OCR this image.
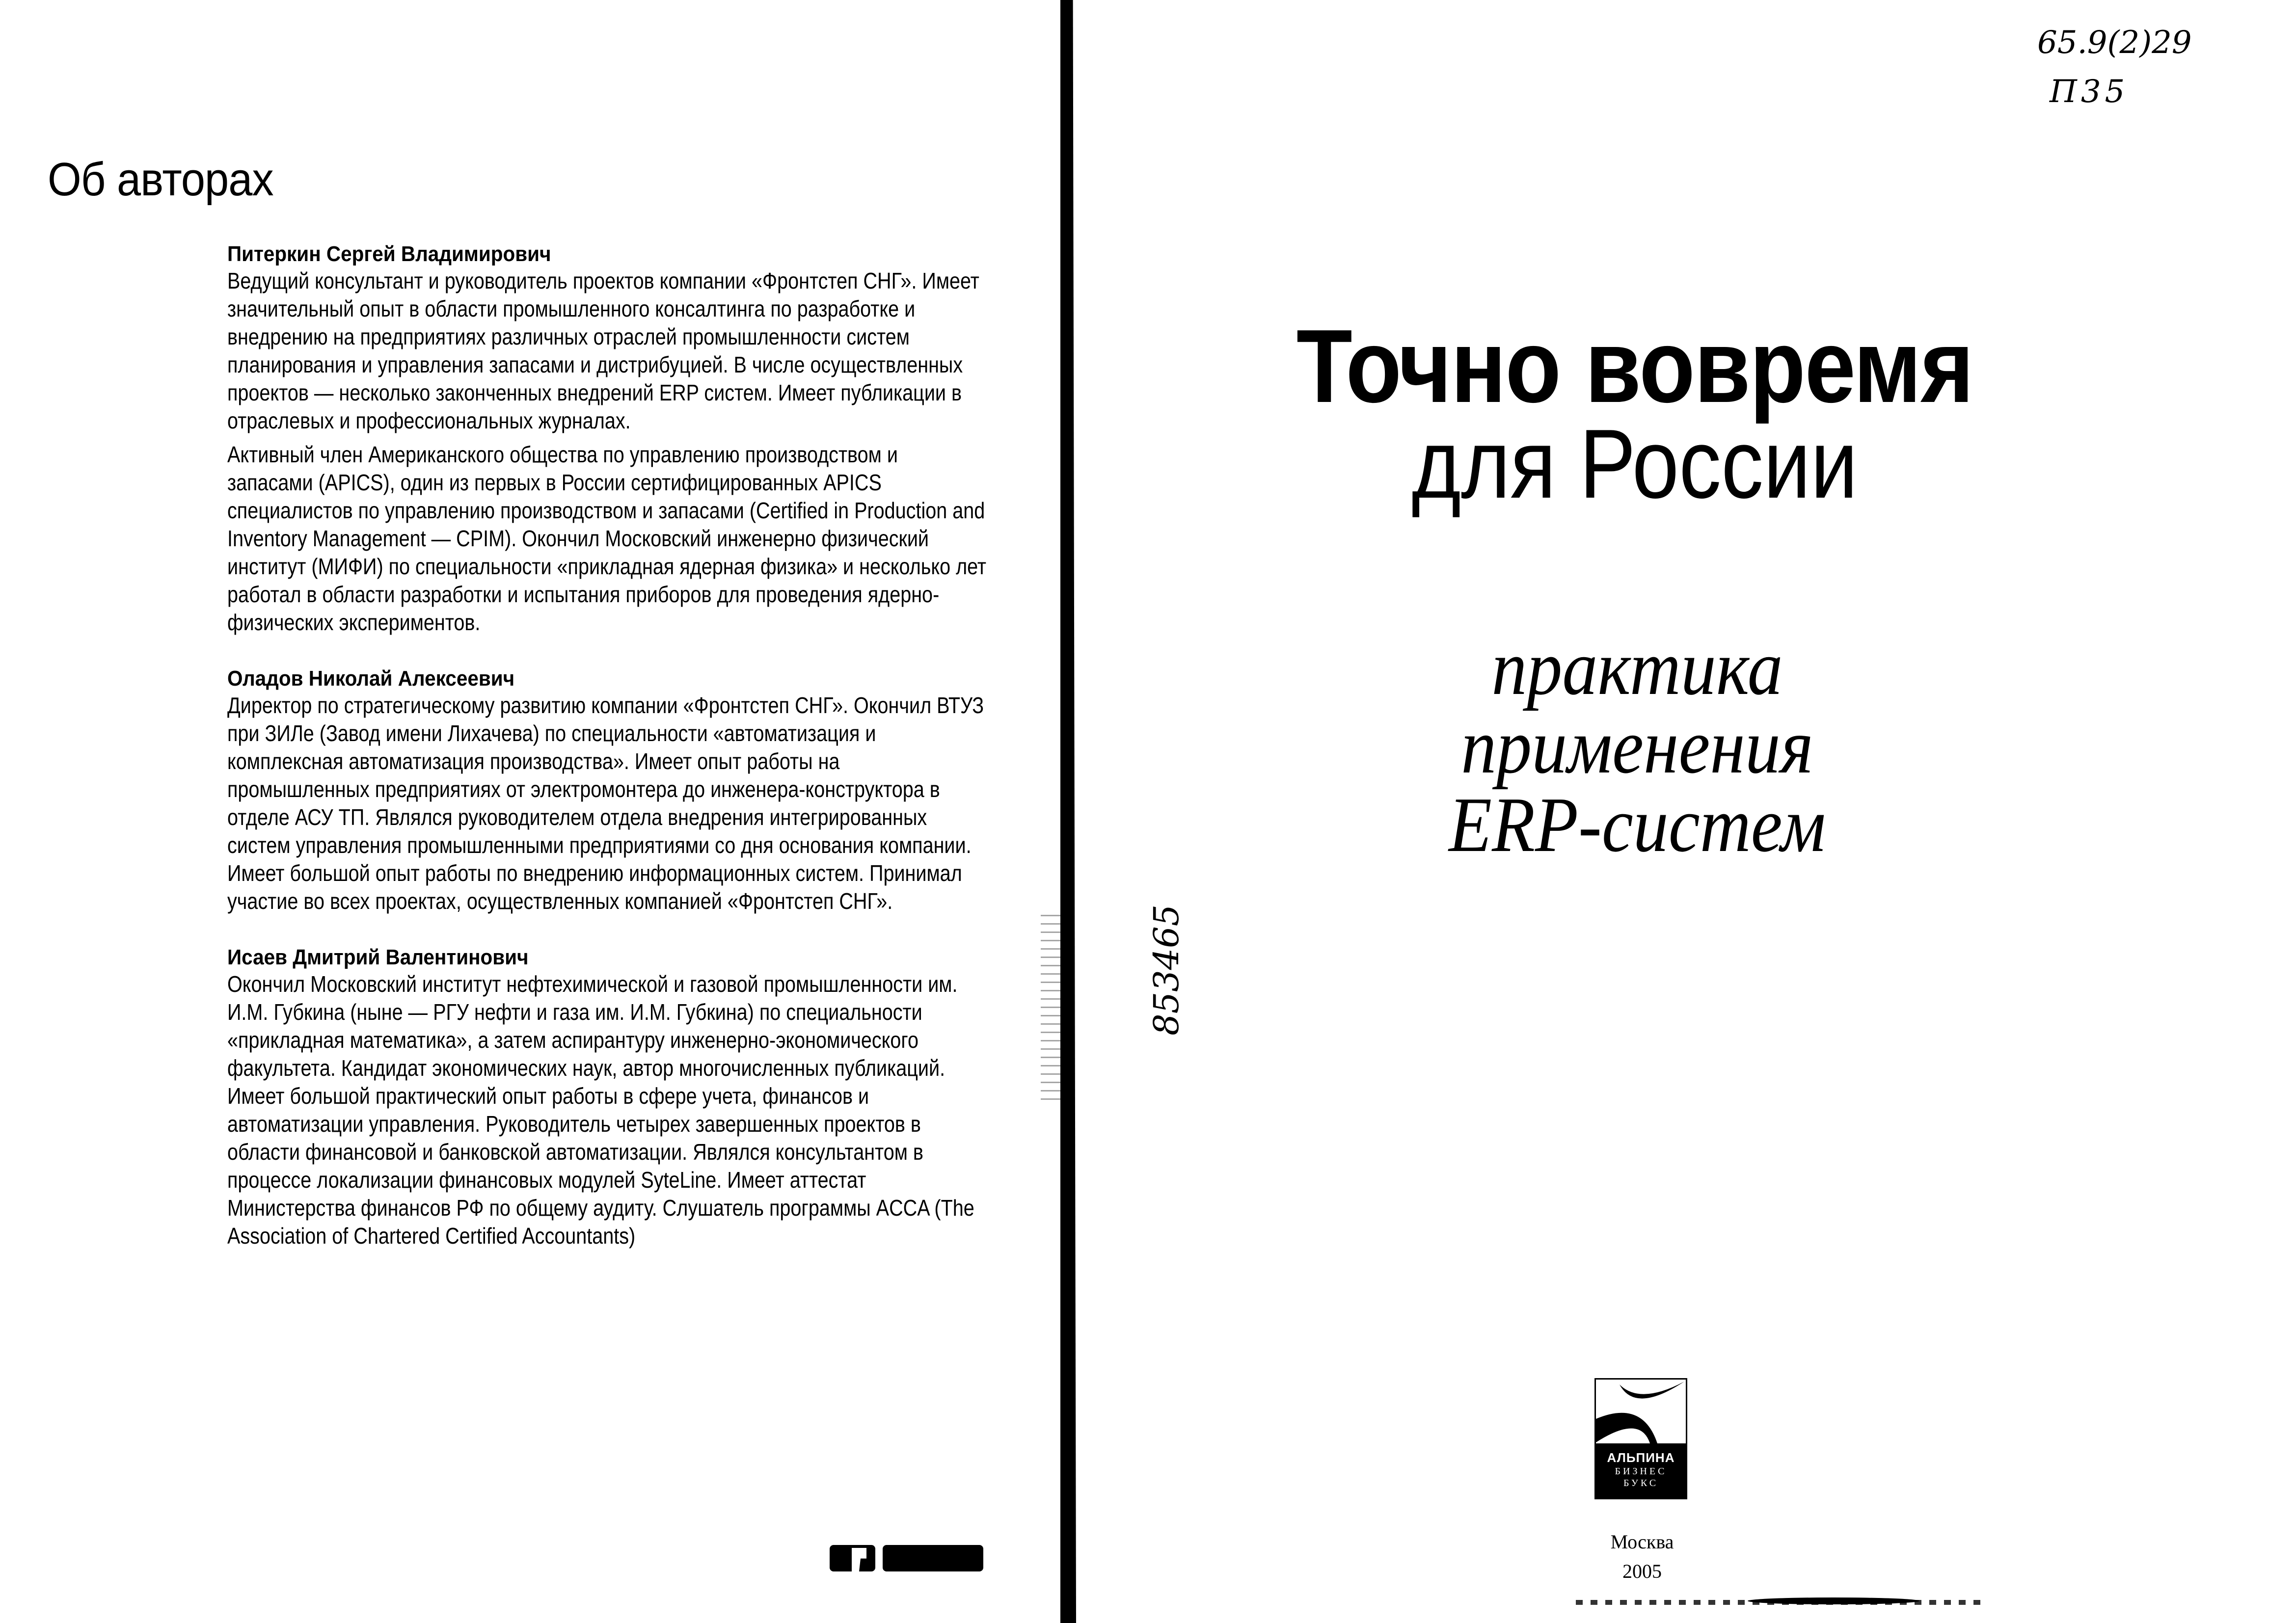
Об авторах
Питеркин Сергей Владимирович

Ведущий консультант и руководитель проектов компании «Фронтстеп СНГ». Имеет значительный опыт в области промышленного консалтинга по разработке и внедрению на предприятиях различных отраслей промышленности систем планирования и управления запасами и дистрибуцией. В числе осуществленных проектов — несколько законченных внедрений ERP систем. Имеет публикации в отраслевых и профессиональных журналах.

Активный член Американского общества по управлению производством и запасами (APICS), один из первых в России сертифицированных APICS специалистов по управлению производством и запасами (Certified in Production and Inventory Management — CPIM). Окончил Московский инженерно физический институт (МИФИ) по специальности «прикладная ядерная физика» и несколько лет работал в области разработки и испытания приборов для проведения ядерно-физических экспериментов.

Оладов Николай Алексеевич

Директор по стратегическому развитию компании «Фронтстеп СНГ». Окончил ВТУЗ при ЗИЛе (Завод имени Лихачева) по специальности «автоматизация и комплексная автоматизация производства». Имеет опыт работы на промышленных предприятиях от электромонтера до инженера-конструктора в отделе АСУ ТП. Являлся руководителем отдела внедрения интегрированных систем управления промышленными предприятиями со дня основания компании. Имеет большой опыт работы по внедрению информационных систем. Принимал участие во всех проектах, осуществленных компанией «Фронтстеп СНГ».

Исаев Дмитрий Валентинович

Окончил Московский институт нефтехимической и газовой промышленности им. И.М. Губкина (ныне — РГУ нефти и газа им. И.М. Губкина) по специальности «прикладная математика», а затем аспирантуру инженерно-экономического факультета. Кандидат экономических наук, автор многочисленных публикаций. Имеет большой практический опыт работы в сфере учета, финансов и автоматизации управления. Руководитель четырех завершенных проектов в области финансовой и банковской автоматизации. Являлся консультантом в процессе локализации финансовых модулей SyteLine. Имеет аттестат Министерства финансов РФ по общему аудиту. Слушатель программы ACCA (The Association of Chartered Certified Accountants)

65.9(2)29
П35
853465
Точно вовремя
для России
практика
применения
ERP-систем
АЛЬПИНА
БИЗНЕС
БУКС
Москва
2005
